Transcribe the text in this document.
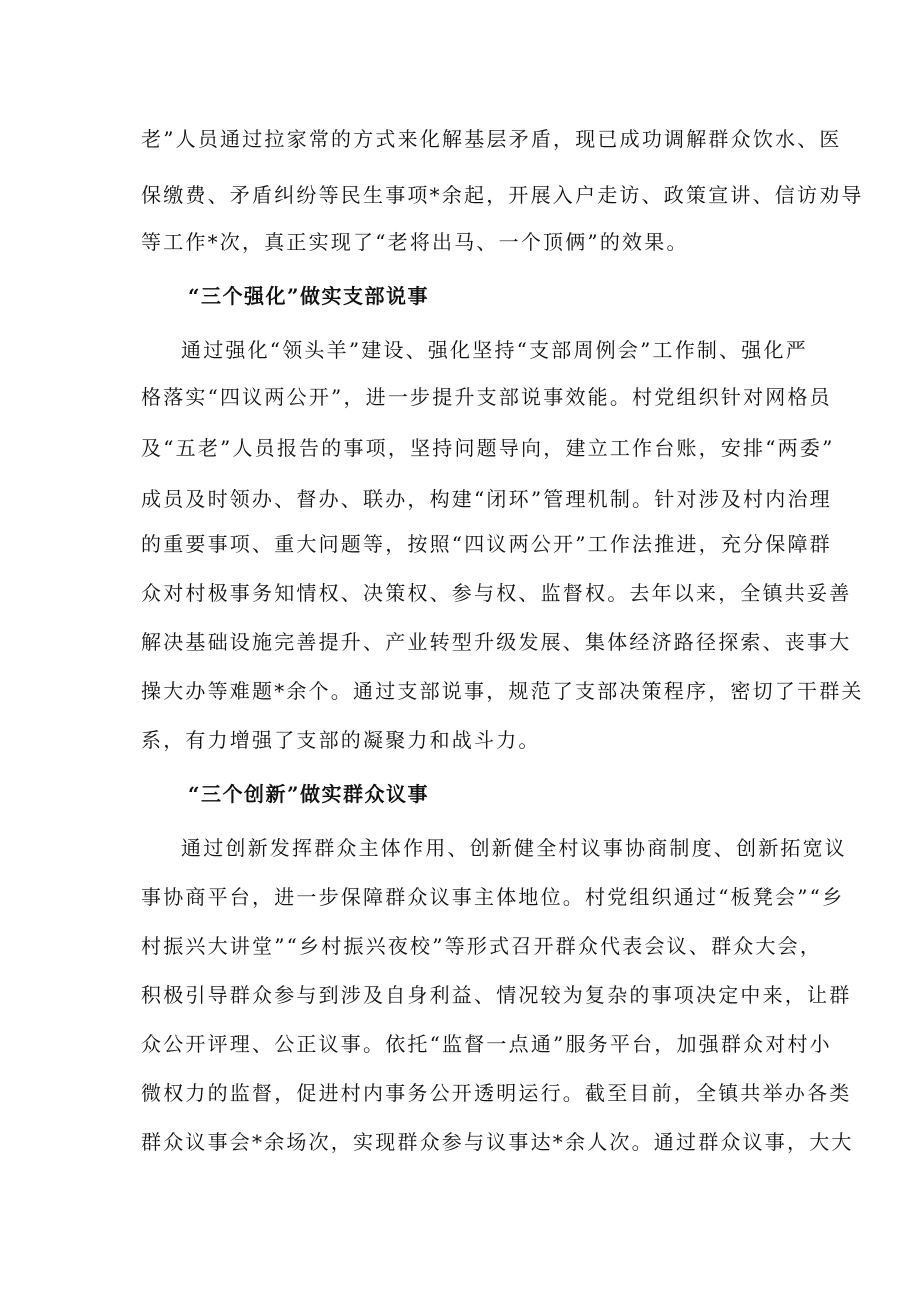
老”人员通过拉家常的方式来化解基层矛盾，现已成功调解群众饮水、医
保缴费、矛盾纠纷等民生事项*余起，开展入户走访、政策宣讲、信访劝导
等工作*次，真正实现了“老将出马、一个顶俩”的效果。
“三个强化”做实支部说事
通过强化“领头羊”建设、强化坚持“支部周例会”工作制、强化严
格落实“四议两公开”，进一步提升支部说事效能。村党组织针对网格员
及“五老”人员报告的事项，坚持问题导向，建立工作台账，安排“两委”
成员及时领办、督办、联办，构建“闭环”管理机制。针对涉及村内治理
的重要事项、重大问题等，按照“四议两公开”工作法推进，充分保障群
众对村极事务知情权、决策权、参与权、监督权。去年以来，全镇共妥善
解决基础设施完善提升、产业转型升级发展、集体经济路径探索、丧事大
操大办等难题*余个。通过支部说事，规范了支部决策程序，密切了干群关
系，有力增强了支部的凝聚力和战斗力。
“三个创新”做实群众议事
通过创新发挥群众主体作用、创新健全村议事协商制度、创新拓宽议
事协商平台，进一步保障群众议事主体地位。村党组织通过“板凳会”“乡
村振兴大讲堂”“乡村振兴夜校”等形式召开群众代表会议、群众大会，
积极引导群众参与到涉及自身利益、情况较为复杂的事项决定中来，让群
众公开评理、公正议事。依托“监督一点通”服务平台，加强群众对村小
微权力的监督，促进村内事务公开透明运行。截至目前，全镇共举办各类
群众议事会*余场次，实现群众参与议事达*余人次。通过群众议事，大大
